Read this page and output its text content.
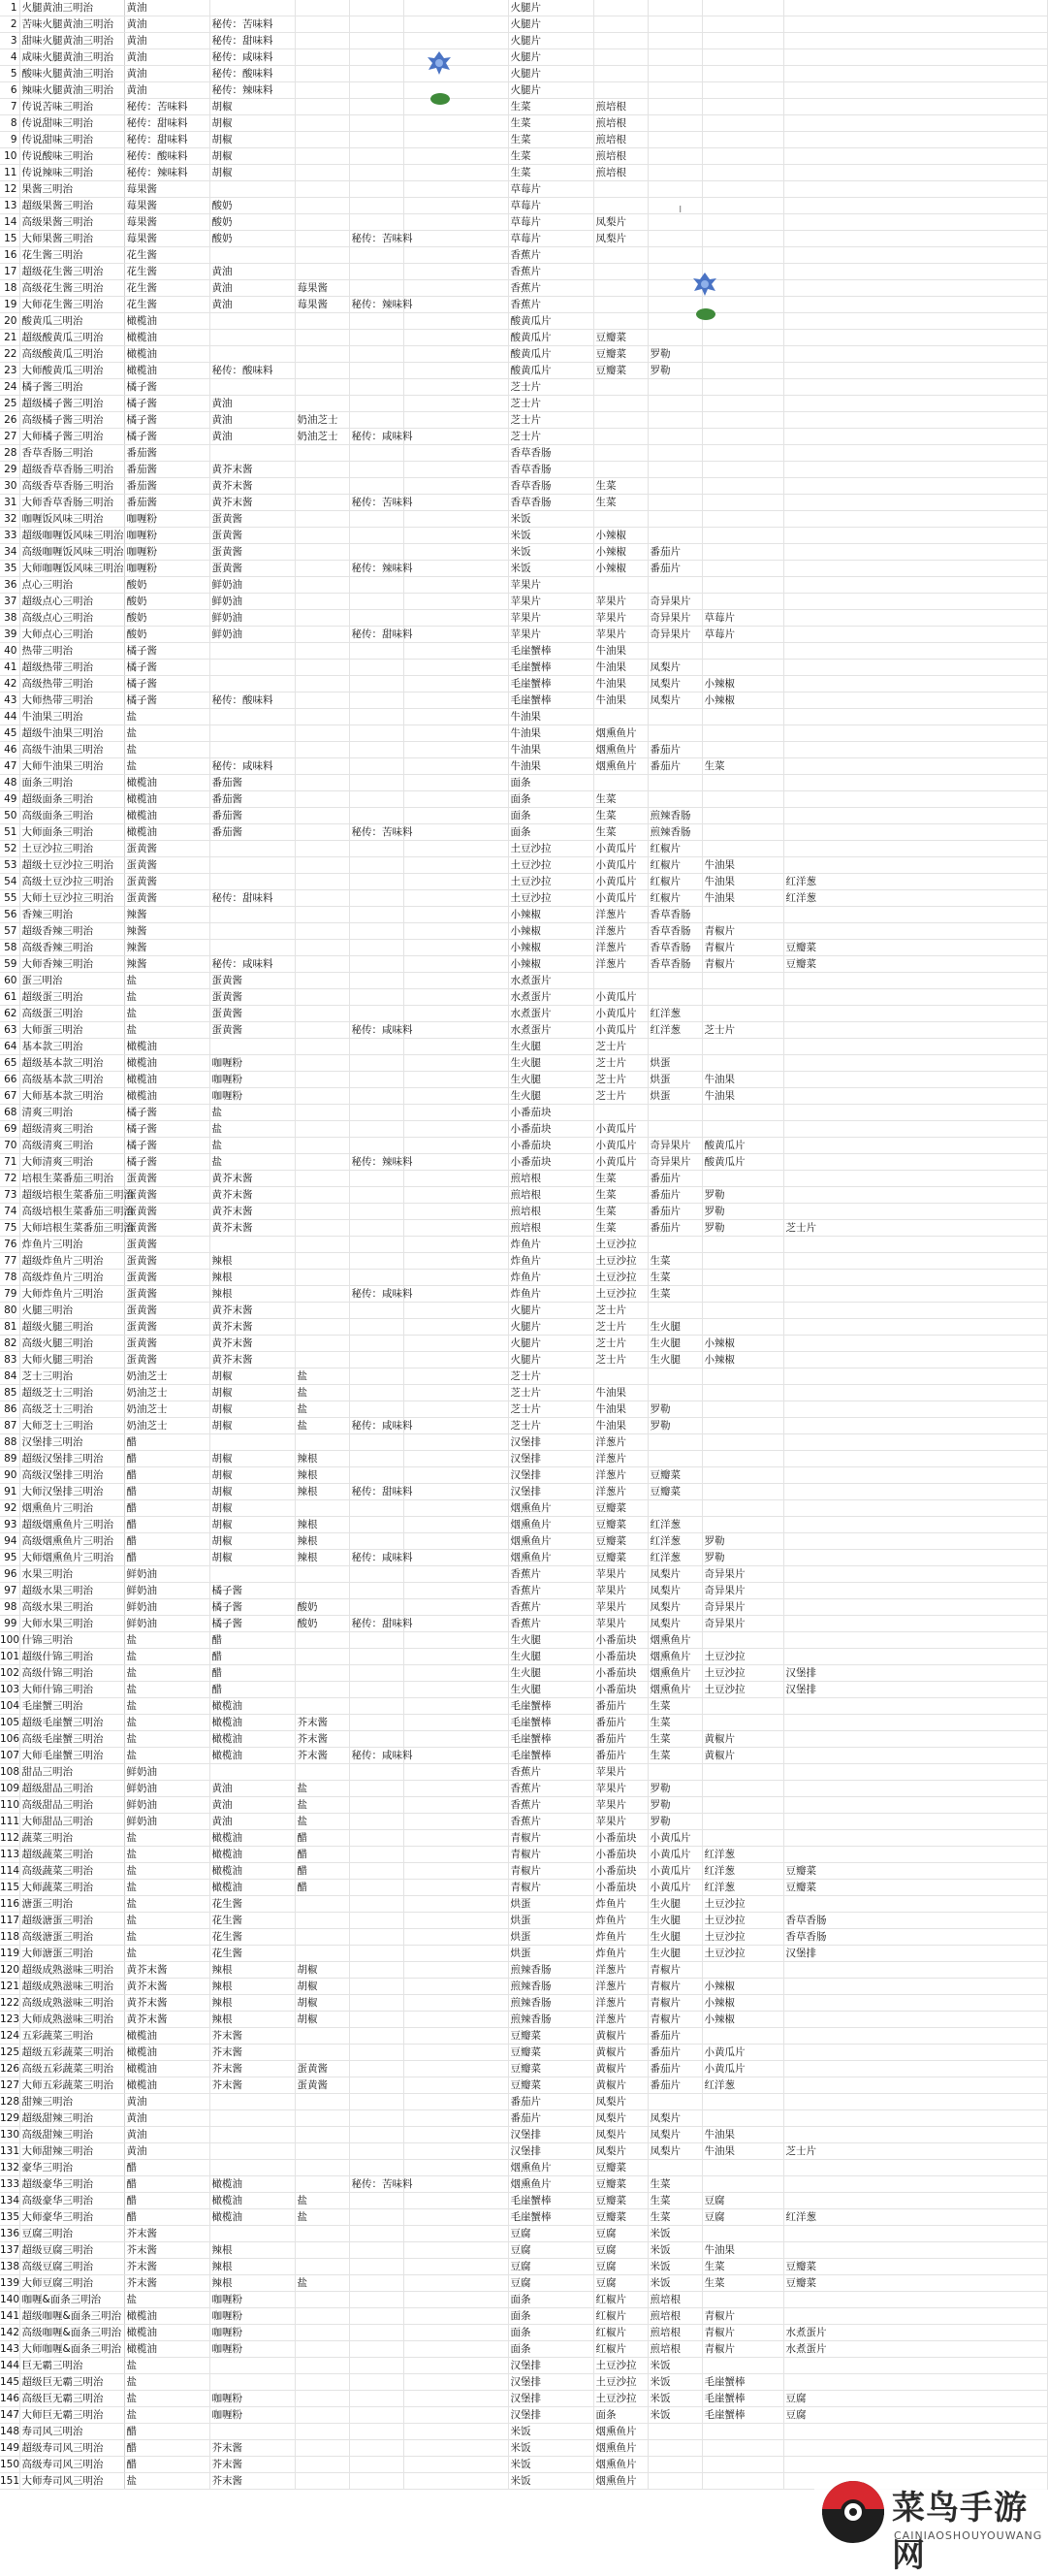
1	火腿黄油三明治	黄油					火腿片				
2	苦味火腿黄油三明治	黄油	秘传：苦味料				火腿片				
3	甜味火腿黄油三明治	黄油	秘传：甜味料				火腿片				
4	咸味火腿黄油三明治	黄油	秘传：咸味料				火腿片				
5	酸味火腿黄油三明治	黄油	秘传：酸味料				火腿片				
6	辣味火腿黄油三明治	黄油	秘传：辣味料				火腿片				
7	传说苦味三明治	秘传：苦味料	胡椒				生菜	煎培根			
8	传说甜味三明治	秘传：甜味料	胡椒				生菜	煎培根			
9	传说甜味三明治	秘传：甜味料	胡椒				生菜	煎培根			
10	传说酸味三明治	秘传：酸味料	胡椒				生菜	煎培根			
11	传说辣味三明治	秘传：辣味料	胡椒				生菜	煎培根			
12	果酱三明治	莓果酱					草莓片				
13	超级果酱三明治	莓果酱	酸奶				草莓片				
14	高级果酱三明治	莓果酱	酸奶				草莓片	凤梨片			
15	大师果酱三明治	莓果酱	酸奶		秘传：苦味料		草莓片	凤梨片			
16	花生酱三明治	花生酱					香蕉片				
17	超级花生酱三明治	花生酱	黄油				香蕉片				
18	高级花生酱三明治	花生酱	黄油	莓果酱			香蕉片				
19	大师花生酱三明治	花生酱	黄油	莓果酱	秘传：辣味料		香蕉片				
20	酸黄瓜三明治	橄榄油					酸黄瓜片				
21	超级酸黄瓜三明治	橄榄油					酸黄瓜片	豆瓣菜			
22	高级酸黄瓜三明治	橄榄油					酸黄瓜片	豆瓣菜	罗勒		
23	大师酸黄瓜三明治	橄榄油	秘传：酸味料				酸黄瓜片	豆瓣菜	罗勒		
24	橘子酱三明治	橘子酱					芝士片				
25	超级橘子酱三明治	橘子酱	黄油				芝士片				
26	高级橘子酱三明治	橘子酱	黄油	奶油芝士			芝士片				
27	大师橘子酱三明治	橘子酱	黄油	奶油芝士	秘传：咸味料		芝士片				
28	香草香肠三明治	番茄酱					香草香肠				
29	超级香草香肠三明治	番茄酱	黄芥末酱				香草香肠				
30	高级香草香肠三明治	番茄酱	黄芥末酱				香草香肠	生菜			
31	大师香草香肠三明治	番茄酱	黄芥末酱		秘传：苦味料		香草香肠	生菜			
32	咖喱饭风味三明治	咖喱粉	蛋黄酱				米饭				
33	超级咖喱饭风味三明治	咖喱粉	蛋黄酱				米饭	小辣椒			
34	高级咖喱饭风味三明治	咖喱粉	蛋黄酱				米饭	小辣椒	番茄片		
35	大师咖喱饭风味三明治	咖喱粉	蛋黄酱		秘传：辣味料		米饭	小辣椒	番茄片		
36	点心三明治	酸奶	鲜奶油				苹果片				
37	超级点心三明治	酸奶	鲜奶油				苹果片	苹果片	奇异果片		
38	高级点心三明治	酸奶	鲜奶油				苹果片	苹果片	奇异果片	草莓片	
39	大师点心三明治	酸奶	鲜奶油		秘传：甜味料		苹果片	苹果片	奇异果片	草莓片	
40	热带三明治	橘子酱					毛崖蟹棒	牛油果			
41	超级热带三明治	橘子酱					毛崖蟹棒	牛油果	凤梨片		
42	高级热带三明治	橘子酱					毛崖蟹棒	牛油果	凤梨片	小辣椒	
43	大师热带三明治	橘子酱	秘传：酸味料				毛崖蟹棒	牛油果	凤梨片	小辣椒	
44	牛油果三明治	盐					牛油果				
45	超级牛油果三明治	盐					牛油果	烟熏鱼片			
46	高级牛油果三明治	盐					牛油果	烟熏鱼片	番茄片		
47	大师牛油果三明治	盐	秘传：咸味料				牛油果	烟熏鱼片	番茄片	生菜	
48	面条三明治	橄榄油	番茄酱				面条				
49	超级面条三明治	橄榄油	番茄酱				面条	生菜			
50	高级面条三明治	橄榄油	番茄酱				面条	生菜	煎辣香肠		
51	大师面条三明治	橄榄油	番茄酱		秘传：苦味料		面条	生菜	煎辣香肠		
52	土豆沙拉三明治	蛋黄酱					土豆沙拉	小黄瓜片	红椒片		
53	超级土豆沙拉三明治	蛋黄酱					土豆沙拉	小黄瓜片	红椒片	牛油果	
54	高级土豆沙拉三明治	蛋黄酱					土豆沙拉	小黄瓜片	红椒片	牛油果	红洋葱
55	大师土豆沙拉三明治	蛋黄酱	秘传：甜味料				土豆沙拉	小黄瓜片	红椒片	牛油果	红洋葱
56	香辣三明治	辣酱					小辣椒	洋葱片	香草香肠		
57	超级香辣三明治	辣酱					小辣椒	洋葱片	香草香肠	青椒片	
58	高级香辣三明治	辣酱					小辣椒	洋葱片	香草香肠	青椒片	豆瓣菜
59	大师香辣三明治	辣酱	秘传：咸味料				小辣椒	洋葱片	香草香肠	青椒片	豆瓣菜
60	蛋三明治	盐	蛋黄酱				水煮蛋片				
61	超级蛋三明治	盐	蛋黄酱				水煮蛋片	小黄瓜片			
62	高级蛋三明治	盐	蛋黄酱				水煮蛋片	小黄瓜片	红洋葱		
63	大师蛋三明治	盐	蛋黄酱		秘传：咸味料		水煮蛋片	小黄瓜片	红洋葱	芝士片	
64	基本款三明治	橄榄油					生火腿	芝士片			
65	超级基本款三明治	橄榄油	咖喱粉				生火腿	芝士片	烘蛋		
66	高级基本款三明治	橄榄油	咖喱粉				生火腿	芝士片	烘蛋	牛油果	
67	大师基本款三明治	橄榄油	咖喱粉				生火腿	芝士片	烘蛋	牛油果	
68	清爽三明治	橘子酱	盐				小番茄块				
69	超级清爽三明治	橘子酱	盐				小番茄块	小黄瓜片			
70	高级清爽三明治	橘子酱	盐				小番茄块	小黄瓜片	奇异果片	酸黄瓜片	
71	大师清爽三明治	橘子酱	盐		秘传：辣味料		小番茄块	小黄瓜片	奇异果片	酸黄瓜片	
72	培根生菜番茄三明治	蛋黄酱	黄芥末酱				煎培根	生菜	番茄片		
73	超级培根生菜番茄三明治	蛋黄酱	黄芥末酱				煎培根	生菜	番茄片	罗勒	
74	高级培根生菜番茄三明治	蛋黄酱	黄芥末酱				煎培根	生菜	番茄片	罗勒	
75	大师培根生菜番茄三明治	蛋黄酱	黄芥末酱				煎培根	生菜	番茄片	罗勒	芝士片
76	炸鱼片三明治	蛋黄酱					炸鱼片	土豆沙拉			
77	超级炸鱼片三明治	蛋黄酱	辣根				炸鱼片	土豆沙拉	生菜		
78	高级炸鱼片三明治	蛋黄酱	辣根				炸鱼片	土豆沙拉	生菜		
79	大师炸鱼片三明治	蛋黄酱	辣根		秘传：咸味料		炸鱼片	土豆沙拉	生菜		
80	火腿三明治	蛋黄酱	黄芥末酱				火腿片	芝士片			
81	超级火腿三明治	蛋黄酱	黄芥末酱				火腿片	芝士片	生火腿		
82	高级火腿三明治	蛋黄酱	黄芥末酱				火腿片	芝士片	生火腿	小辣椒	
83	大师火腿三明治	蛋黄酱	黄芥末酱				火腿片	芝士片	生火腿	小辣椒	
84	芝士三明治	奶油芝士	胡椒	盐			芝士片				
85	超级芝士三明治	奶油芝士	胡椒	盐			芝士片	牛油果			
86	高级芝士三明治	奶油芝士	胡椒	盐			芝士片	牛油果	罗勒		
87	大师芝士三明治	奶油芝士	胡椒	盐	秘传：咸味料		芝士片	牛油果	罗勒		
88	汉堡排三明治	醋					汉堡排	洋葱片			
89	超级汉堡排三明治	醋	胡椒	辣根			汉堡排	洋葱片			
90	高级汉堡排三明治	醋	胡椒	辣根			汉堡排	洋葱片	豆瓣菜		
91	大师汉堡排三明治	醋	胡椒	辣根	秘传：甜味料		汉堡排	洋葱片	豆瓣菜		
92	烟熏鱼片三明治	醋	胡椒				烟熏鱼片	豆瓣菜			
93	超级烟熏鱼片三明治	醋	胡椒	辣根			烟熏鱼片	豆瓣菜	红洋葱		
94	高级烟熏鱼片三明治	醋	胡椒	辣根			烟熏鱼片	豆瓣菜	红洋葱	罗勒	
95	大师烟熏鱼片三明治	醋	胡椒	辣根	秘传：咸味料		烟熏鱼片	豆瓣菜	红洋葱	罗勒	
96	水果三明治	鲜奶油					香蕉片	苹果片	凤梨片	奇异果片	
97	超级水果三明治	鲜奶油	橘子酱				香蕉片	苹果片	凤梨片	奇异果片	
98	高级水果三明治	鲜奶油	橘子酱	酸奶			香蕉片	苹果片	凤梨片	奇异果片	
99	大师水果三明治	鲜奶油	橘子酱	酸奶	秘传：甜味料		香蕉片	苹果片	凤梨片	奇异果片	
100	什锦三明治	盐	醋				生火腿	小番茄块	烟熏鱼片		
101	超级什锦三明治	盐	醋				生火腿	小番茄块	烟熏鱼片	土豆沙拉	
102	高级什锦三明治	盐	醋				生火腿	小番茄块	烟熏鱼片	土豆沙拉	汉堡排
103	大师什锦三明治	盐	醋				生火腿	小番茄块	烟熏鱼片	土豆沙拉	汉堡排
104	毛崖蟹三明治	盐	橄榄油				毛崖蟹棒	番茄片	生菜		
105	超级毛崖蟹三明治	盐	橄榄油	芥末酱			毛崖蟹棒	番茄片	生菜		
106	高级毛崖蟹三明治	盐	橄榄油	芥末酱			毛崖蟹棒	番茄片	生菜	黄椒片	
107	大师毛崖蟹三明治	盐	橄榄油	芥末酱	秘传：咸味料		毛崖蟹棒	番茄片	生菜	黄椒片	
108	甜品三明治	鲜奶油					香蕉片	苹果片			
109	超级甜品三明治	鲜奶油	黄油	盐			香蕉片	苹果片	罗勒		
110	高级甜品三明治	鲜奶油	黄油	盐			香蕉片	苹果片	罗勒		
111	大师甜品三明治	鲜奶油	黄油	盐			香蕉片	苹果片	罗勒		
112	蔬菜三明治	盐	橄榄油	醋			青椒片	小番茄块	小黄瓜片		
113	超级蔬菜三明治	盐	橄榄油	醋			青椒片	小番茄块	小黄瓜片	红洋葱	
114	高级蔬菜三明治	盐	橄榄油	醋			青椒片	小番茄块	小黄瓜片	红洋葱	豆瓣菜
115	大师蔬菜三明治	盐	橄榄油	醋			青椒片	小番茄块	小黄瓜片	红洋葱	豆瓣菜
116	溏蛋三明治	盐	花生酱				烘蛋	炸鱼片	生火腿	土豆沙拉	
117	超级溏蛋三明治	盐	花生酱				烘蛋	炸鱼片	生火腿	土豆沙拉	香草香肠
118	高级溏蛋三明治	盐	花生酱				烘蛋	炸鱼片	生火腿	土豆沙拉	香草香肠
119	大师溏蛋三明治	盐	花生酱				烘蛋	炸鱼片	生火腿	土豆沙拉	汉堡排
120	超级成熟滋味三明治	黄芥末酱	辣根	胡椒			煎辣香肠	洋葱片	青椒片		
121	超级成熟滋味三明治	黄芥末酱	辣根	胡椒			煎辣香肠	洋葱片	青椒片	小辣椒	
122	高级成熟滋味三明治	黄芥末酱	辣根	胡椒			煎辣香肠	洋葱片	青椒片	小辣椒	
123	大师成熟滋味三明治	黄芥末酱	辣根	胡椒			煎辣香肠	洋葱片	青椒片	小辣椒	
124	五彩蔬菜三明治	橄榄油	芥末酱				豆瓣菜	黄椒片	番茄片		
125	超级五彩蔬菜三明治	橄榄油	芥末酱				豆瓣菜	黄椒片	番茄片	小黄瓜片	
126	高级五彩蔬菜三明治	橄榄油	芥末酱	蛋黄酱			豆瓣菜	黄椒片	番茄片	小黄瓜片	
127	大师五彩蔬菜三明治	橄榄油	芥末酱	蛋黄酱			豆瓣菜	黄椒片	番茄片	红洋葱	
128	甜辣三明治	黄油					番茄片	凤梨片			
129	超级甜辣三明治	黄油					番茄片	凤梨片	凤梨片		
130	高级甜辣三明治	黄油					汉堡排	凤梨片	凤梨片	牛油果	
131	大师甜辣三明治	黄油					汉堡排	凤梨片	凤梨片	牛油果	芝士片
132	豪华三明治	醋					烟熏鱼片	豆瓣菜			
133	超级豪华三明治	醋	橄榄油		秘传：苦味料		烟熏鱼片	豆瓣菜	生菜		
134	高级豪华三明治	醋	橄榄油	盐			毛崖蟹棒	豆瓣菜	生菜	豆腐	
135	大师豪华三明治	醋	橄榄油	盐			毛崖蟹棒	豆瓣菜	生菜	豆腐	红洋葱
136	豆腐三明治	芥末酱					豆腐	豆腐	米饭		
137	超级豆腐三明治	芥末酱	辣根				豆腐	豆腐	米饭	牛油果	
138	高级豆腐三明治	芥末酱	辣根				豆腐	豆腐	米饭	生菜	豆瓣菜
139	大师豆腐三明治	芥末酱	辣根	盐			豆腐	豆腐	米饭	生菜	豆瓣菜
140	咖喱&面条三明治	盐	咖喱粉				面条	红椒片	煎培根		
141	超级咖喱&面条三明治	橄榄油	咖喱粉				面条	红椒片	煎培根	青椒片	
142	高级咖喱&面条三明治	橄榄油	咖喱粉				面条	红椒片	煎培根	青椒片	水煮蛋片
143	大师咖喱&面条三明治	橄榄油	咖喱粉				面条	红椒片	煎培根	青椒片	水煮蛋片
144	巨无霸三明治	盐					汉堡排	土豆沙拉	米饭		
145	超级巨无霸三明治	盐					汉堡排	土豆沙拉	米饭	毛崖蟹棒	
146	高级巨无霸三明治	盐	咖喱粉				汉堡排	土豆沙拉	米饭	毛崖蟹棒	豆腐
147	大师巨无霸三明治	盐	咖喱粉				汉堡排	面条	米饭	毛崖蟹棒	豆腐
148	寿司风三明治	醋					米饭	烟熏鱼片			
149	超级寿司风三明治	醋	芥末酱				米饭	烟熏鱼片			
150	高级寿司风三明治	醋	芥末酱				米饭	烟熏鱼片			
151	大师寿司风三明治	盐	芥末酱				米饭	烟熏鱼片			
ı
菜鸟手游网
CAINIAOSHOUYOUWANG
